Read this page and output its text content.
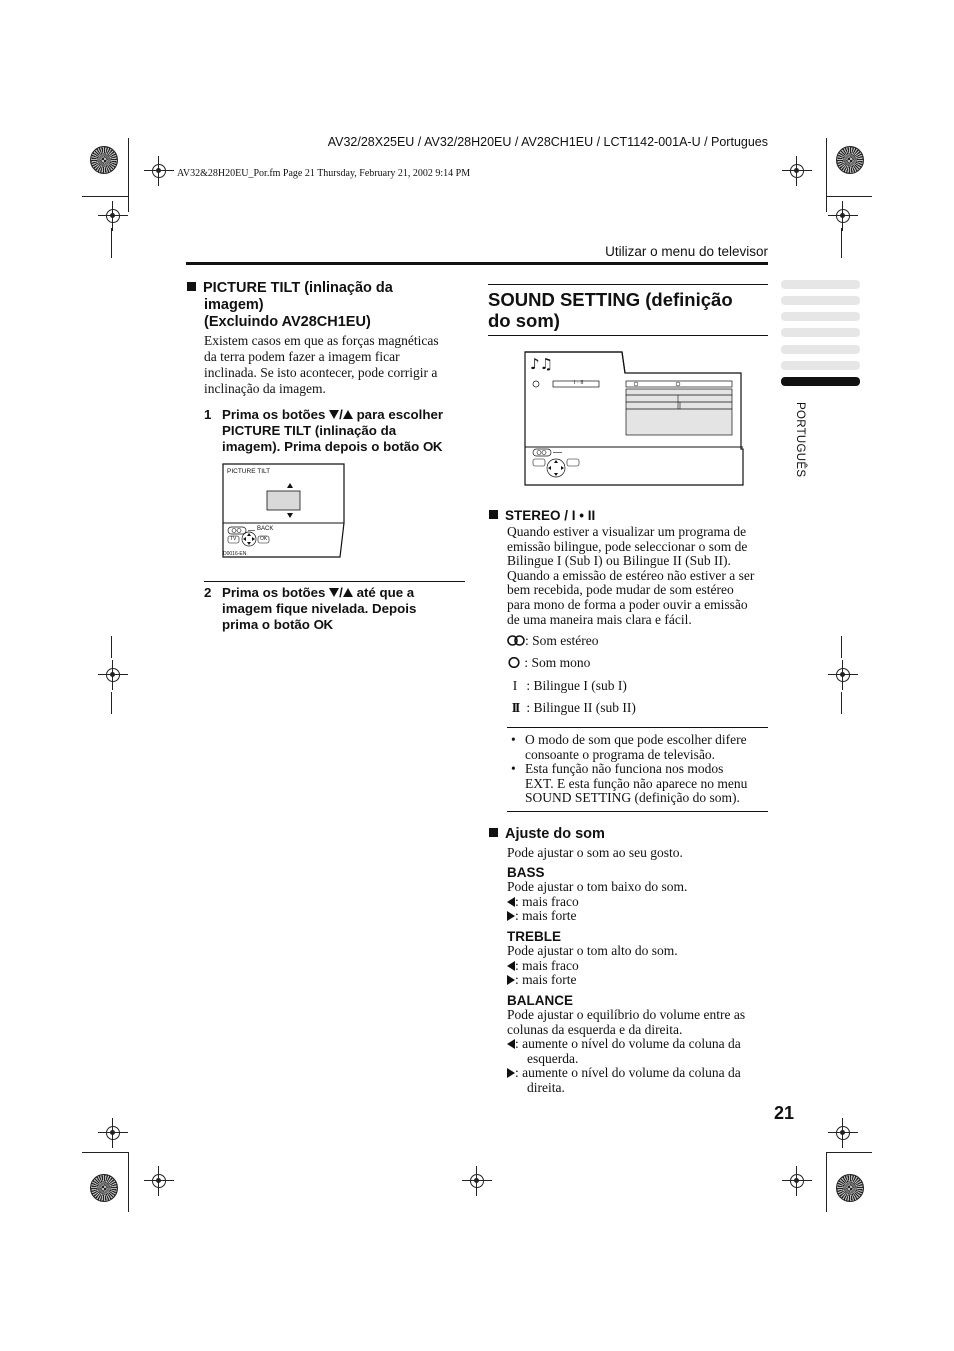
AV32/28X25EU / AV32/28H20EU / AV28CH1EU / LCT1142-001A-U / Portugues
AV32&28H20EU_Por.fm Page 21 Thursday, February 21, 2002 9:14 PM
Utilizar o menu do televisor
PORTUGUÊS
PICTURE TILT (inlinação da
imagem)
(Excluindo AV28CH1EU)
Existem casos em que as forças magnéticas
da terra podem fazer a imagem ficar
inclinada. Se isto acontecer, pode corrigir a
inclinação da imagem.
1 Prima os botões / para escolher
PICTURE TILT (inlinação da
imagem). Prima depois o botão OK
PICTURE TILT
BACK
TV	OK
D0016-EN
2 Prima os botões / até que a
imagem fique nivelada. Depois
prima o botão OK
SOUND SETTING (definição
do som)
♪♫
I · II
STEREO / I • II
Quando estiver a visualizar um programa de
emissão bilingue, pode seleccionar o som de
Bilingue I (Sub I) ou Bilingue II (Sub II).
Quando a emissão de estéreo não estiver a ser
bem recebida, pode mudar de som estéreo
para mono de forma a poder ouvir a emissão
de uma maneira mais clara e fácil.
: Som estéreo
: Som mono
I : Bilingue I (sub I)
II : Bilingue II (sub II)
• O modo de som que pode escolher difere
consoante o programa de televisão.
• Esta função não funciona nos modos
EXT. E esta função não aparece no menu
SOUND SETTING (definição do som).
Ajuste do som
Pode ajustar o som ao seu gosto.
BASS
Pode ajustar o tom baixo do som.
: mais fraco
: mais forte
TREBLE
Pode ajustar o tom alto do som.
: mais fraco
: mais forte
BALANCE
Pode ajustar o equilíbrio do volume entre as
colunas da esquerda e da direita.
: aumente o nível do volume da coluna da
esquerda.
: aumente o nível do volume da coluna da
direita.
21
